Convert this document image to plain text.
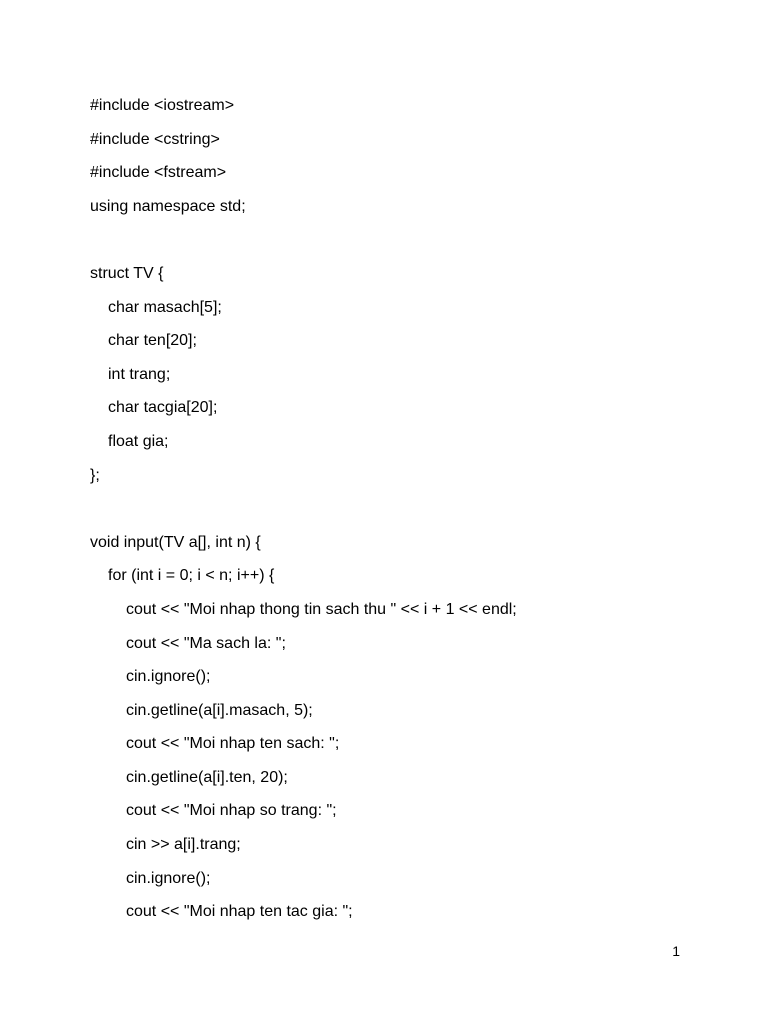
#include <iostream>
#include <cstring>
#include <fstream>
using namespace std;
struct TV {
char masach[5];
char ten[20];
int trang;
char tacgia[20];
float gia;
};
void input(TV a[], int n) {
for (int i = 0; i < n; i++) {
cout << "Moi nhap thong tin sach thu " << i + 1 << endl;
cout << "Ma sach la: ";
cin.ignore();
cin.getline(a[i].masach, 5);
cout << "Moi nhap ten sach: ";
cin.getline(a[i].ten, 20);
cout << "Moi nhap so trang: ";
cin >> a[i].trang;
cin.ignore();
cout << "Moi nhap ten tac gia: ";
1
